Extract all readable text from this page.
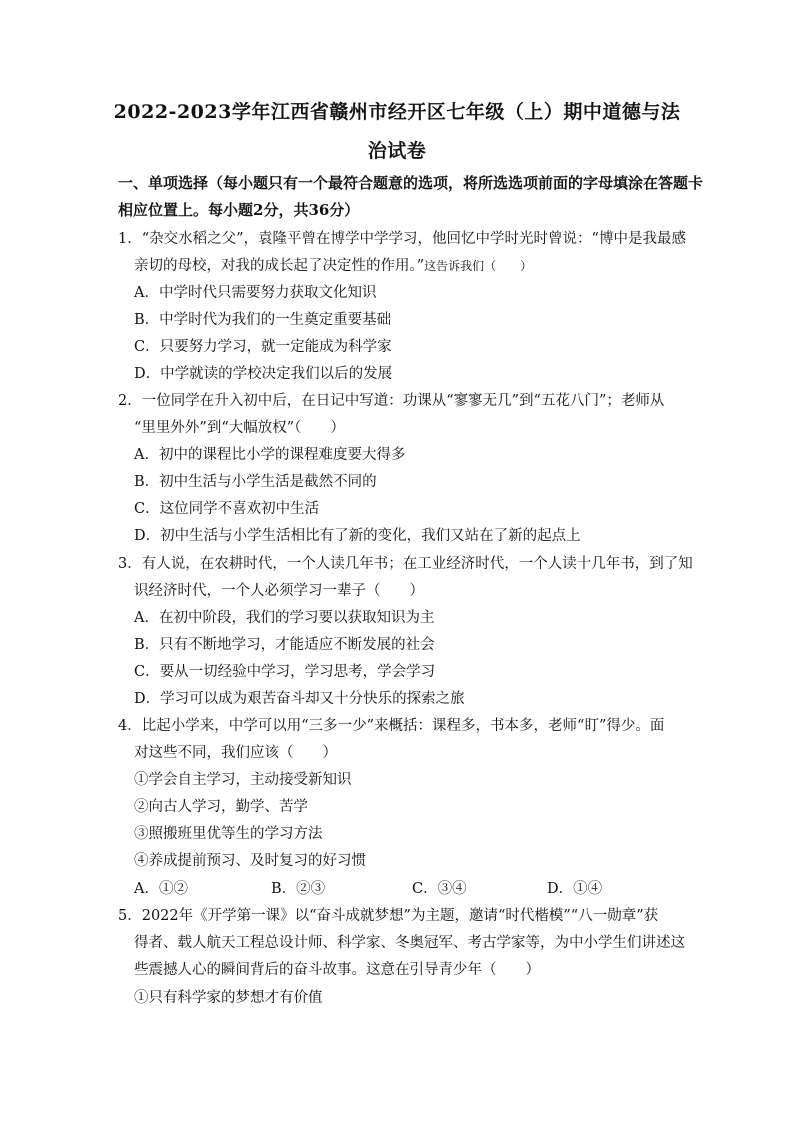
2022-2023学年江西省赣州市经开区七年级（上）期中道德与法
治试卷
一、单项选择（每小题只有一个最符合题意的选项，将所选选项前面的字母填涂在答题卡
相应位置上。每小题2分，共36分）
1．“杂交水稻之父”，袁隆平曾在博学中学学习，他回忆中学时光时曾说：“博中是我最感
亲切的母校，对我的成长起了决定性的作用。”这告诉我们（　　）
A．中学时代只需要努力获取文化知识
B．中学时代为我们的一生奠定重要基础
C．只要努力学习，就一定能成为科学家
D．中学就读的学校决定我们以后的发展
2．一位同学在升入初中后，在日记中写道：功课从“寥寥无几”到“五花八门”；老师从
“里里外外”到“大幅放权”（　　）
A．初中的课程比小学的课程难度要大得多
B．初中生活与小学生活是截然不同的
C．这位同学不喜欢初中生活
D．初中生活与小学生活相比有了新的变化，我们又站在了新的起点上
3．有人说，在农耕时代，一个人读几年书；在工业经济时代，一个人读十几年书，到了知
识经济时代，一个人必须学习一辈子（　　）
A．在初中阶段，我们的学习要以获取知识为主
B．只有不断地学习，才能适应不断发展的社会
C．要从一切经验中学习，学习思考，学会学习
D．学习可以成为艰苦奋斗却又十分快乐的探索之旅
4．比起小学来，中学可以用“三多一少”来概括：课程多，书本多，老师“盯”得少。面
对这些不同，我们应该（　　）
①学会自主学习，主动接受新知识
②向古人学习，勤学、苦学
③照搬班里优等生的学习方法
④养成提前预习、及时复习的好习惯
A．①②	B．②③	C．③④	D．①④
5．2022年《开学第一课》以“奋斗成就梦想”为主题，邀请“时代楷模”“八一勋章”获
得者、载人航天工程总设计师、科学家、冬奥冠军、考古学家等，为中小学生们讲述这
些震撼人心的瞬间背后的奋斗故事。这意在引导青少年（　　）
①只有科学家的梦想才有价值
